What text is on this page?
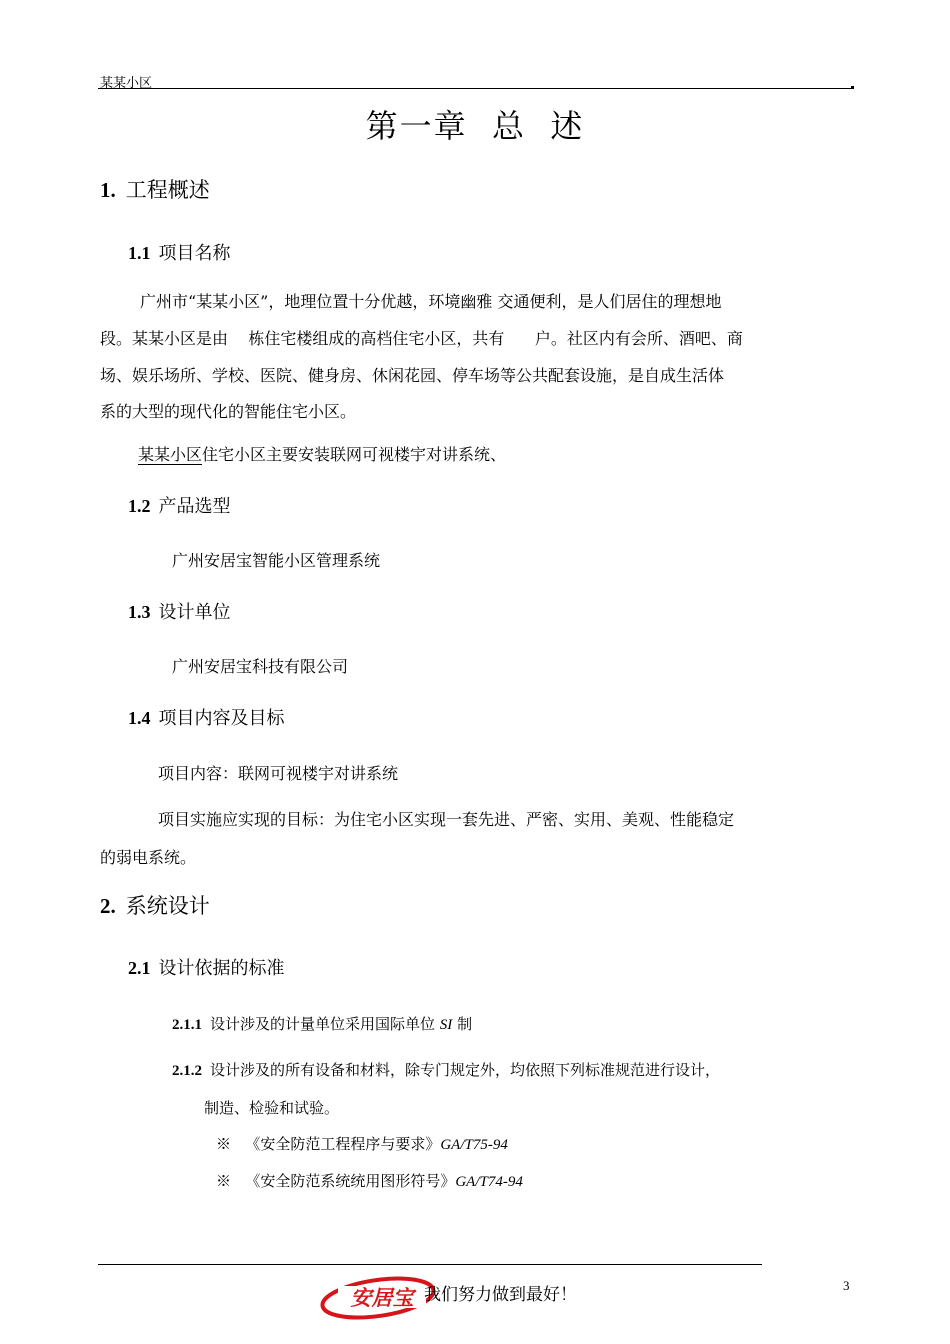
某某小区
第一章  总  述
1. 工程概述
1.1 项目名称
广州市“某某小区”，地理位置十分优越，环境幽雅 交通便利，是人们居住的理想地
段。某某小区是由    栋住宅楼组成的高档住宅小区，共有      户。社区内有会所、酒吧、商
场、娱乐场所、学校、医院、健身房、休闲花园、停车场等公共配套设施，是自成生活体
系的大型的现代化的智能住宅小区。
某某小区住宅小区主要安装联网可视楼宇对讲系统、
1.2 产品选型
广州安居宝智能小区管理系统
1.3 设计单位
广州安居宝科技有限公司
1.4 项目内容及目标
项目内容：联网可视楼宇对讲系统
项目实施应实现的目标：为住宅小区实现一套先进、严密、实用、美观、性能稳定
的弱电系统。
2. 系统设计
2.1 设计依据的标准
2.1.1 设计涉及的计量单位采用国际单位 SI 制
2.1.2 设计涉及的所有设备和材料，除专门规定外，均依照下列标准规范进行设计，
制造、检验和试验。
※ 《安全防范工程程序与要求》GA/T75-94
※ 《安全防范系统统用图形符号》GA/T74-94
安居宝 我们努力做到最好！	3
